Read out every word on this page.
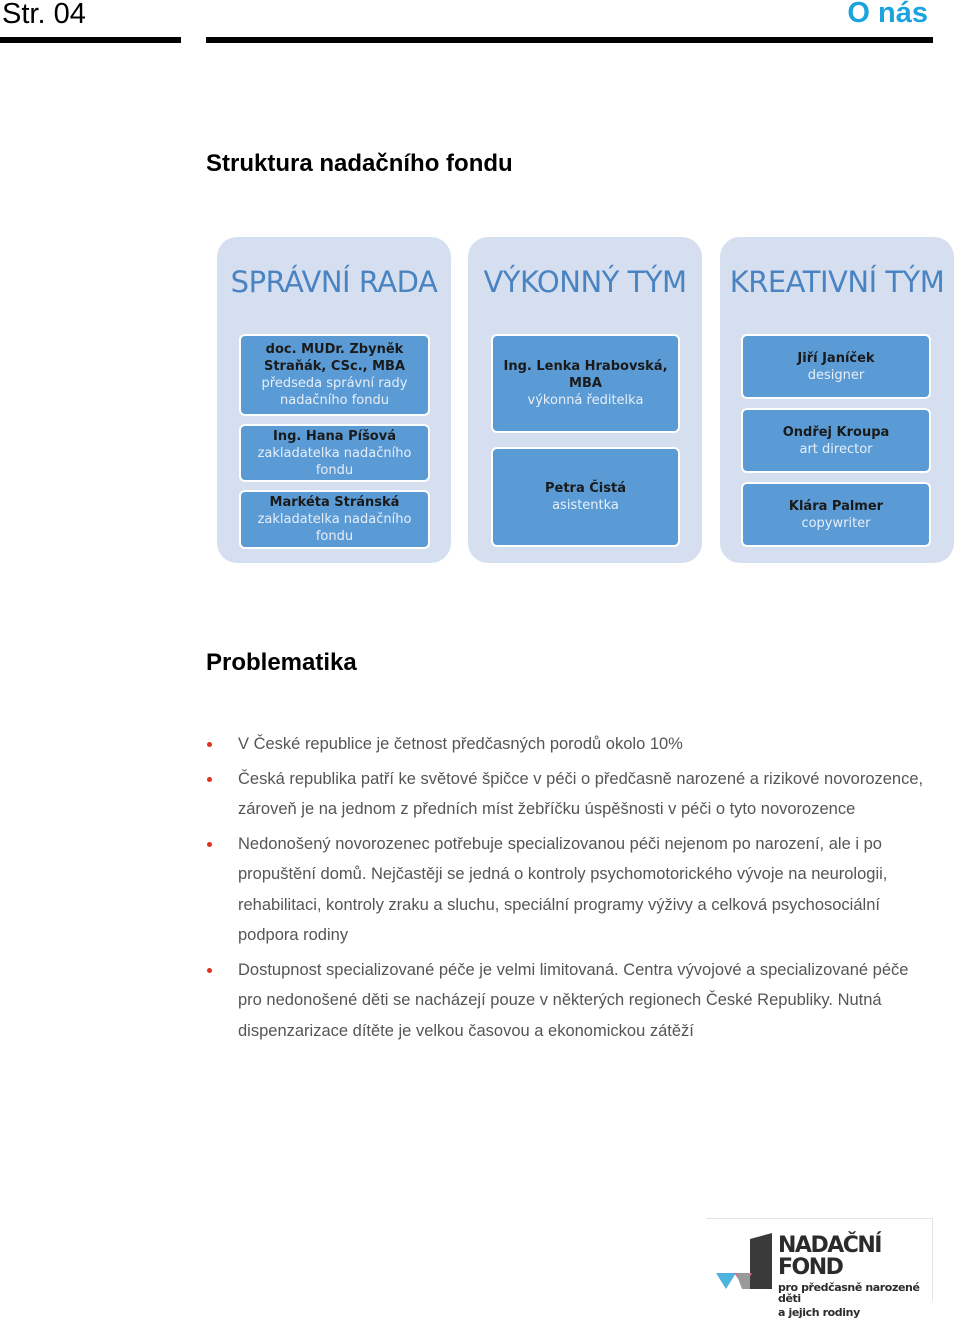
Str. 04	O nás
Struktura nadačního fondu
SPRÁVNÍ RADA
doc. MUDr. Zbyněk Straňák, CSc., MBA
předseda správní rady nadačního fondu
Ing. Hana Píšová
zakladatelka nadačního fondu
Markéta Stránská
zakladatelka nadačního fondu
VÝKONNÝ TÝM
Ing. Lenka Hrabovská, MBA
výkonná ředitelka
Petra Čistá
asistentka
KREATIVNÍ TÝM
Jiří Janíček
designer
Ondřej Kroupa
art director
Klára Palmer
copywriter
Problematika
V České republice je četnost předčasných porodů okolo 10%
Česká republika patří ke světové špičce v péči o předčasně narozené a rizikové novorozence, zároveň je na jednom z předních míst žebříčku úspěšnosti v péči o tyto novorozence
Nedonošený novorozenec potřebuje specializovanou péči nejenom po narození, ale i po propuštění domů. Nejčastěji se jedná o kontroly psychomotorického vývoje na neurologii, rehabilitaci, kontroly zraku a sluchu, speciální programy výživy a celková psychosociální podpora rodiny
Dostupnost specializované péče je velmi limitovaná. Centra vývojové a specializované péče pro nedonošené děti se nacházejí pouze v některých regionech České Republiky. Nutná dispenzarizace dítěte je velkou časovou a ekonomickou zátěží
NADAČNÍ FOND
pro předčasně narozené děti
a jejich rodiny
